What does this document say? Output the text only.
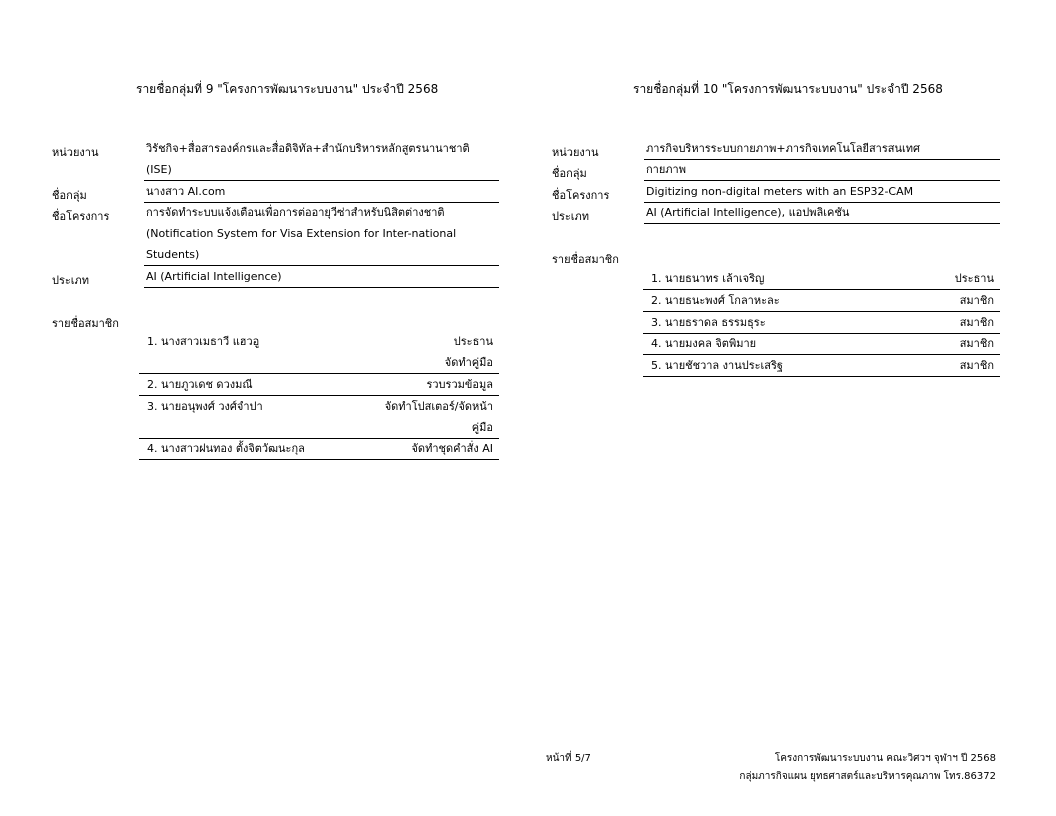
รายชื่อกลุ่มที่ 9 "โครงการพัฒนาระบบงาน" ประจำปี 2568
หน่วยงาน	วิรัชกิจ+สื่อสารองค์กรและสื่อดิจิทัล+สำนักบริหารหลักสูตรนานาชาติ
(ISE)
ชื่อกลุ่ม	นางสาว AI.com
ชื่อโครงการ	การจัดทำระบบแจ้งเตือนเพื่อการต่ออายุวีซ่าสำหรับนิสิตต่างชาติ
(Notification System for Visa Extension for Inter-national
Students)
ประเภท	AI (Artificial Intelligence)
รายชื่อสมาชิก
1. นางสาวเมธาวี แฮวอู	ประธาน
จัดทำคู่มือ
2. นายภูวเดช ดวงมณี	รวบรวมข้อมูล
3. นายอนุพงศ์ วงศ์จำปา	จัดทำโปสเตอร์/จัดหน้า
คู่มือ
4. นางสาวฝนทอง ตั้งจิตวัฒนะกุล	จัดทำชุดคำสั่ง AI
รายชื่อกลุ่มที่ 10 "โครงการพัฒนาระบบงาน" ประจำปี 2568
หน่วยงาน	ภารกิจบริหารระบบกายภาพ+ภารกิจเทคโนโลยีสารสนเทศ
ชื่อกลุ่ม	กายภาพ
ชื่อโครงการ	Digitizing non-digital meters with an ESP32-CAM
ประเภท	AI (Artificial Intelligence), แอปพลิเคชัน
รายชื่อสมาชิก
1. นายธนาทร เล้าเจริญ	ประธาน
2. นายธนะพงศ์ โกลาหะละ	สมาชิก
3. นายธราดล ธรรมธุระ	สมาชิก
4. นายมงคล จิตพิมาย	สมาชิก
5. นายชัชวาล งานประเสริฐ	สมาชิก
หน้าที่ 5/7	โครงการพัฒนาระบบงาน คณะวิศวฯ จุฬาฯ ปี 2568
กลุ่มภารกิจแผน ยุทธศาสตร์และบริหารคุณภาพ โทร.86372
